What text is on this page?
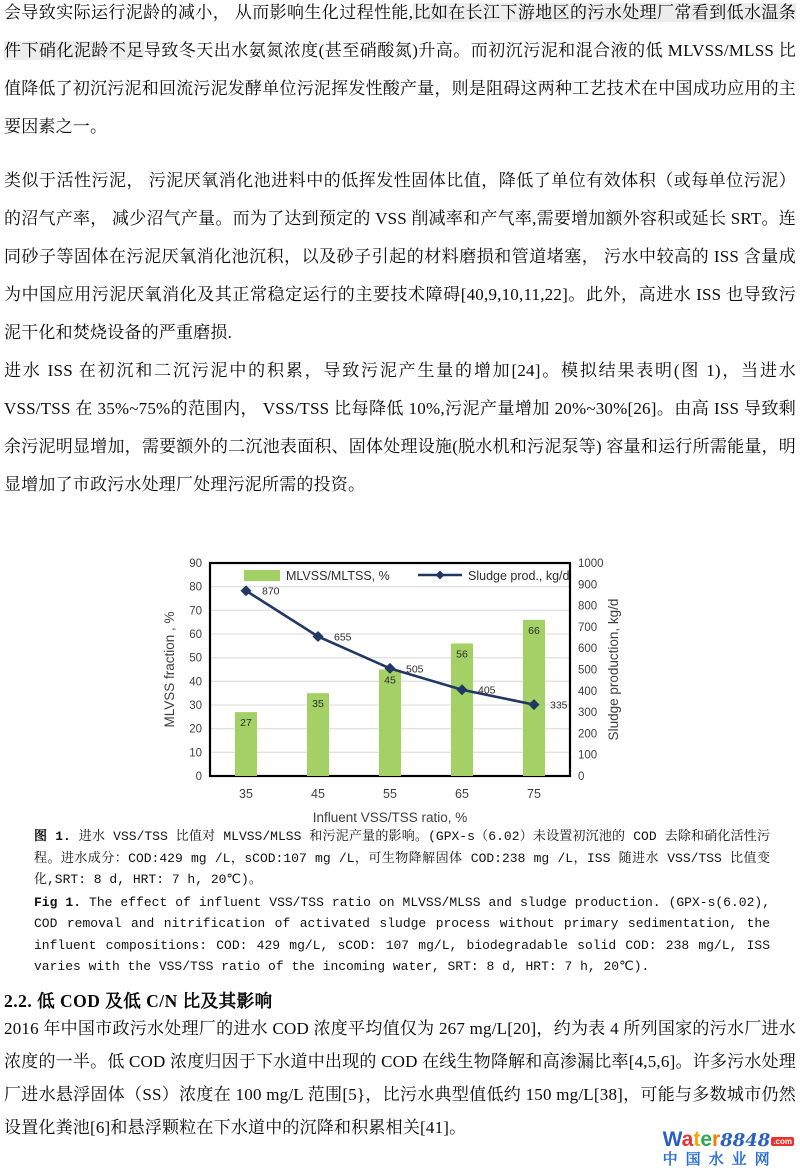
会导致实际运行泥龄的减小， 从而影响生化过程性能,比如在长江下游地区的污水处理厂常看到低水温条件下硝化泥龄不足导致冬天出水氨氮浓度(甚至硝酸氮)升高。而初沉污泥和混合液的低 MLVSS/MLSS 比值降低了初沉污泥和回流污泥发酵单位污泥挥发性酸产量，则是阻碍这两种工艺技术在中国成功应用的主要因素之一。
类似于活性污泥， 污泥厌氧消化池进料中的低挥发性固体比值，降低了单位有效体积（或每单位污泥）的沼气产率， 减少沼气产量。而为了达到预定的 VSS 削减率和产气率,需要增加额外容积或延长 SRT。连同砂子等固体在污泥厌氧消化池沉积，以及砂子引起的材料磨损和管道堵塞， 污水中较高的 ISS 含量成为中国应用污泥厌氧消化及其正常稳定运行的主要技术障碍[40,9,10,11,22]。此外，高进水 ISS 也导致污泥干化和焚烧设备的严重磨损.
进水 ISS 在初沉和二沉污泥中的积累，导致污泥产生量的增加[24]。模拟结果表明(图 1)，当进水 VSS/TSS 在 35%~75%的范围内， VSS/TSS 比每降低 10%,污泥产量增加 20%~30%[26]。由高 ISS 导致剩余污泥明显增加，需要额外的二沉池表面积、固体处理设施(脱水机和污泥泵等) 容量和运行所需能量，明显增加了市政污水处理厂处理污泥所需的投资。
0
10
20
30
40
50
60
70
80
90
0
100
200
300
400
500
600
700
800
900
1000
35	45	55	65	75
27
35
45
56
66
870
655
505
405
335
MLVSS/MLTSS, %	Sludge prod., kg/d
Influent VSS/TSS ratio, %
MLVSS fraction , %	Sludge production, kg/d
图 1. 进水 VSS/TSS 比值对 MLVSS/MLSS 和污泥产量的影响。(GPX-s（6.02）未设置初沉池的 COD 去除和硝化活性污程。进水成分：COD:429 mg /L，sCOD:107 mg /L，可生物降解固体 COD:238 mg /L，ISS 随进水 VSS/TSS 比值变化,SRT: 8 d, HRT: 7 h, 20℃)。
Fig 1. The effect of influent VSS/TSS ratio on MLVSS/MLSS and sludge production. (GPX-s(6.02), COD removal and nitrification of activated sludge process without primary sedimentation, the influent compositions: COD: 429 mg/L, sCOD: 107 mg/L, biodegradable solid COD: 238 mg/L, ISS varies with the VSS/TSS ratio of the incoming water, SRT: 8 d, HRT: 7 h, 20℃).
2.2. 低 COD 及低 C/N 比及其影响
2016 年中国市政污水处理厂的进水 COD 浓度平均值仅为 267 mg/L[20]，约为表 4 所列国家的污水厂进水浓度的一半。低 COD 浓度归因于下水道中出现的 COD 在线生物降解和高渗漏比率[4,5,6]。许多污水处理厂进水悬浮固体（SS）浓度在 100 mg/L 范围[5}，比污水典型值低约 150 mg/L[38]，可能与多数城市仍然设置化粪池[6]和悬浮颗粒在下水道中的沉降和积累相关[41]。
Water8848 .com
中国水业网
